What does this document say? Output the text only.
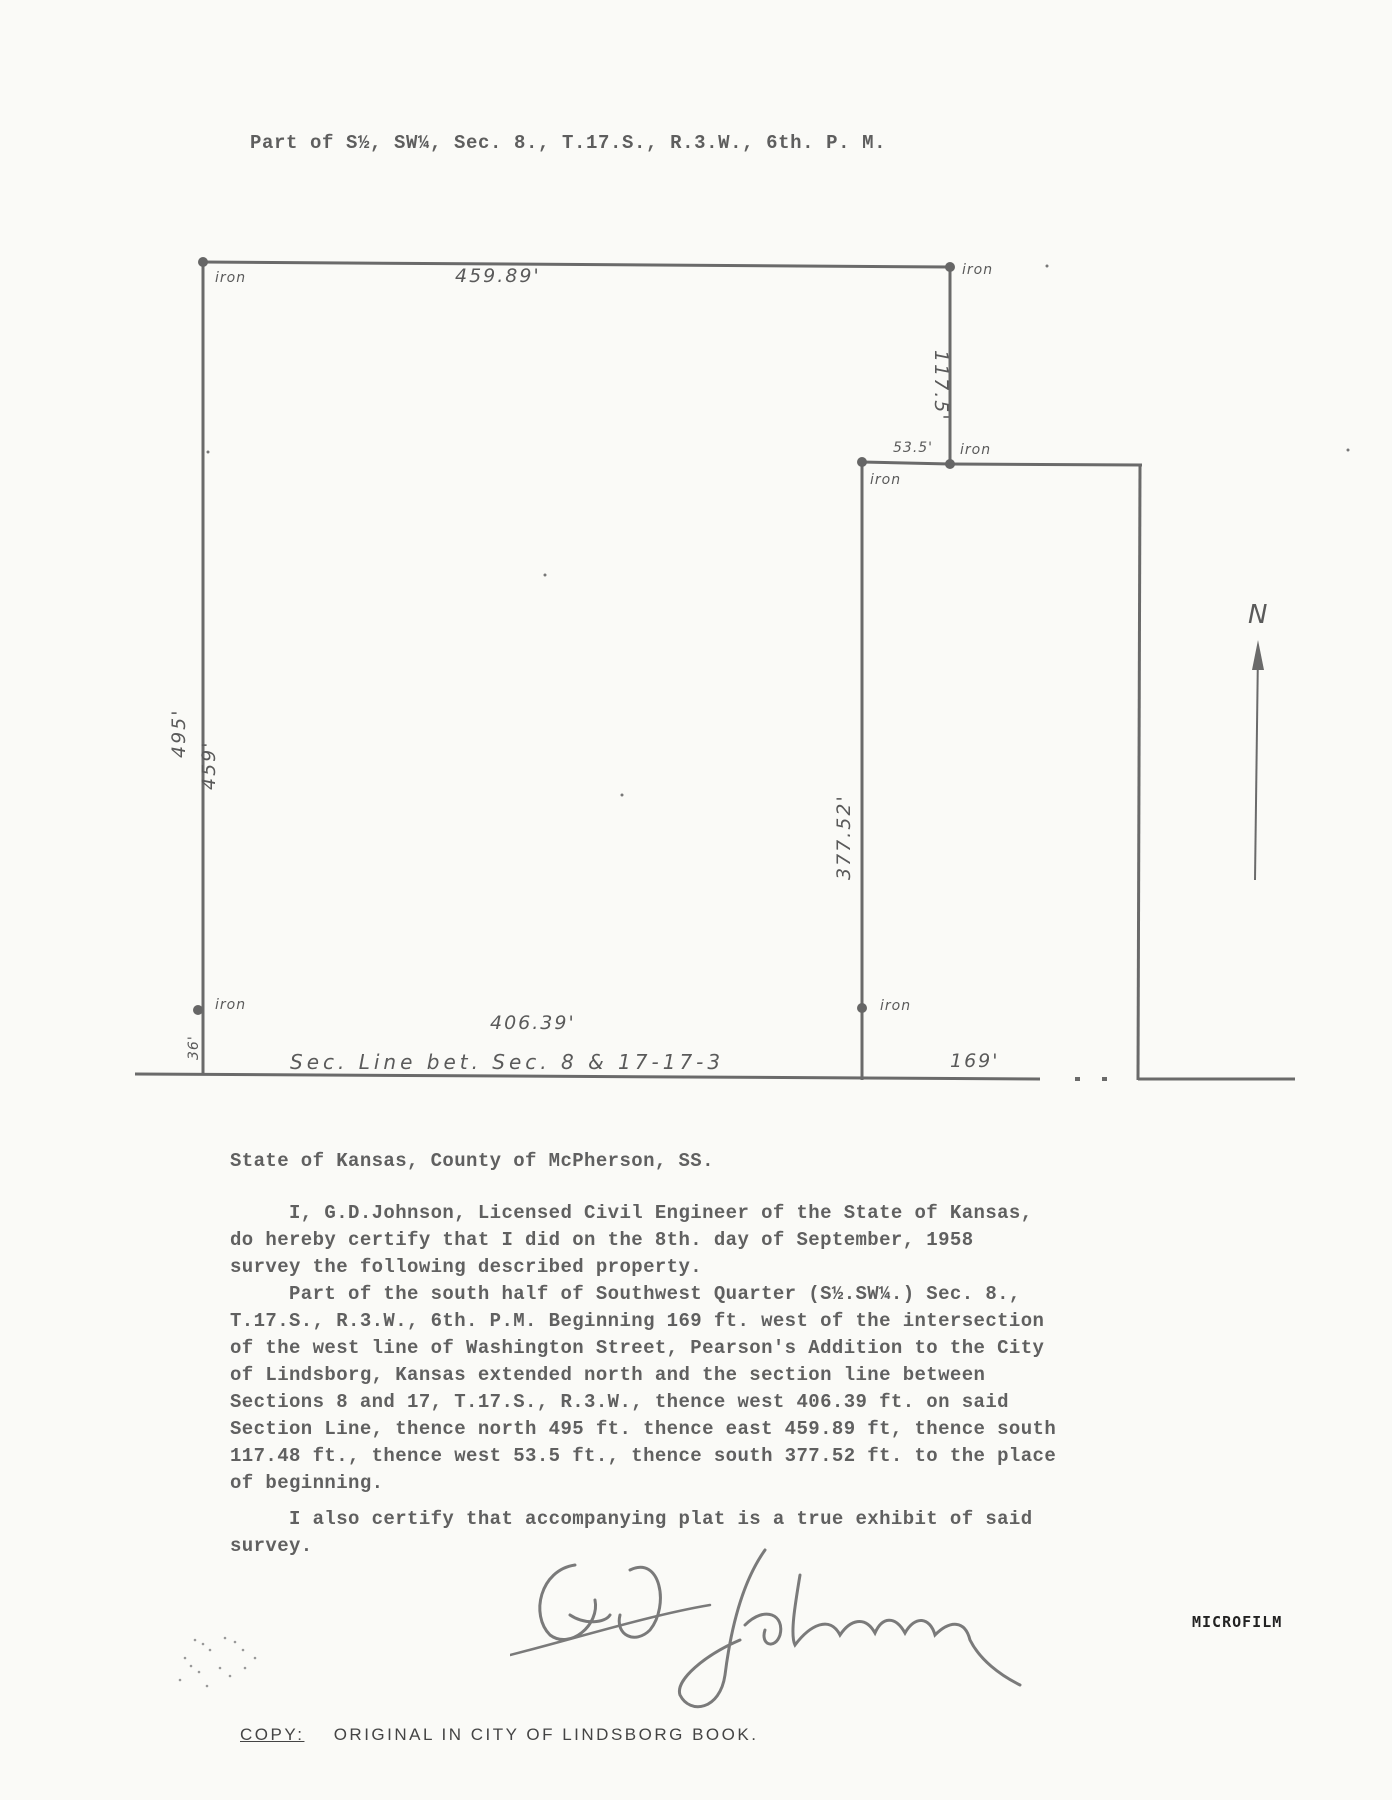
Part of S½, SW¼, Sec. 8., T.17.S., R.3.W., 6th. P. M.
iron	iron
iron
iron
iron	iron
459.89'
117.5'
53.5'
495'
459'
36'
377.52'
406.39'
Sec. Line bet. Sec. 8 & 17-17-3	169'
N
State of Kansas, County of McPherson, SS.
I, G.D.Johnson, Licensed Civil Engineer of the State of Kansas,
do hereby certify that I did on the 8th. day of September, 1958
survey the following described property.
Part of the south half of Southwest Quarter (S½.SW¼.) Sec. 8.,
T.17.S., R.3.W., 6th. P.M. Beginning 169 ft. west of the intersection
of the west line of Washington Street, Pearson's Addition to the City
of Lindsborg, Kansas extended north and the section line between
Sections 8 and 17, T.17.S., R.3.W., thence west 406.39 ft. on said
Section Line, thence north 495 ft. thence east 459.89 ft, thence south
117.48 ft., thence west 53.5 ft., thence south 377.52 ft. to the place
of beginning.
I also certify that accompanying plat is a true exhibit of said
survey.
MICROFILM
COPY: ORIGINAL IN CITY OF LINDSBORG BOOK.
